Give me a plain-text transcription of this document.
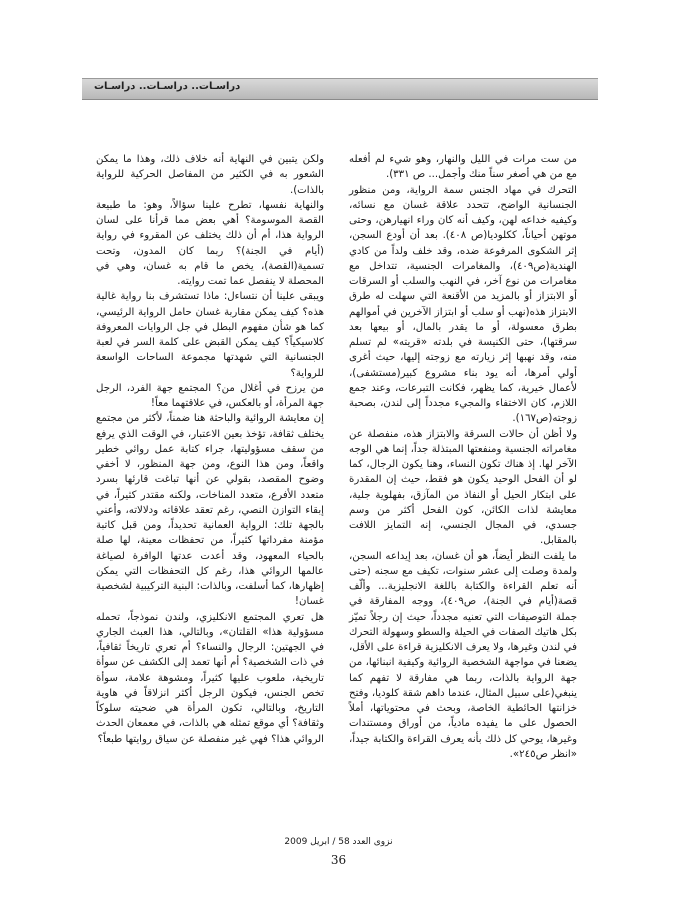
دراسـات.. دراسـات.. دراسـات

من ست مرات في الليل والنهار، وهو شيء لم أفعله مع من هي أصغر سناً منك وأجمل... ص ٣٣١).

التحرك في مهاد الجنس سمة الرواية، ومن منظور الجنسانية الواضح، تتحدد علاقة غسان مع نسائه، وكيفيه خداعه لهن، وكيف أنه كان وراء انهيارهن، وحتى موتهن أحياناً، ككلوديا(ص ٤٠٨). بعد أن أودع السجن، إثر الشكوى المرفوعة ضده، وقد خلف ولداً من كادي الهندية(ص٤٠٩)، والمغامرات الجنسية، تتداخل مع مغامرات من نوع آخر، في النهب والسلب أو السرقات أو الابتزاز أو بالمزيد من الأقنعة التي سهلت له طرق الابتزاز هذه(نهب أو سلب أو ابتزاز الآخرين في أموالهم بطرق معسولة، أو ما يقدر بالمال، أو بيعها بعد سرقتها)، حتى الكنيسة في بلدته «قريته» لم تسلم منه، وقد نهبها إثر زيارته مع زوجته إليها، حيث أغرى أولي أمرها، أنه يود بناء مشروع كبير(مستشفى)، لأعمال خيرية، كما يظهر، فكانت التبرعات، وعند جمع اللازم، كان الاختفاء والمجيء مجدداً إلى لندن، بصحبة زوجته(ص١٦٧).

ولا أظن أن حالات السرقة والابتزاز هذه، منفصلة عن مغامراته الجنسية ومنفعتها المبتذلة جداً، إنما هي الوجه الآخر لها. إذ هناك تكون النساء، وهنا يكون الرجال، كما لو أن الفحل الوحيد يكون هو فقط، حيث إن المقدرة على ابتكار الحيل أو النفاذ من المآزق، بفهلوية جلية، معايشة لذات الكائن، كون الفحل أكثر من وسم جسدي، في المجال الجنسي، إنه التمايز اللافت بالمقابل.

ما يلفت النظر أيضاً، هو أن غسان، بعد إيداعه السجن، ولمدة وصلت إلى عشر سنوات، تكيف مع سجنه (حتى أنه تعلم القراءة والكتابة باللغة الانجليزية... وألّف قصة(أيام في الجنة)، ص٤٠٩)، ووجه المفارقة في جملة التوصيفات التي تعنيه مجدداً، حيث إن رجلاً تميّز بكل هاتيك الصفات في الحيلة والسطو وسهولة التحرك في لندن وغيرها، ولا يعرف الانكليزية قراءة على الأقل، يضعنا في مواجهة الشخصية الروائية وكيفية انبنائها، من جهة الرواية بالذات، ربما هي مفارقة لا تفهم كما ينبغي(على سبيل المثال، عندما داهم شقة كلوديا، وفتح خزانتها الحائطية الخاصة، وبحث في محتوياتها، أملاً الحصول على ما يفيده مادياً، من أوراق ومستندات وغيرها، يوحي كل ذلك بأنه يعرف القراءة والكتابة جيداً، «انظر ص٢٤٥».

ولكن يتبين في النهاية أنه خلاف ذلك، وهذا ما يمكن الشعور به في الكثير من المفاصل الحركية للرواية بالذات).

والنهاية نفسها، تطرح علينا سؤالاً، وهو: ما طبيعة القصة الموسومة؟ أهي بعض مما قرأنا على لسان الرواية هذا، أم أن ذلك يختلف عن المقروء في رواية (أيام في الجنة)؟ ربما كان المدون، وتحت تسمية(القصة)، يخص ما قام به غسان، وهي في المحصلة لا ينفصل عما تمت روايته.

ويبقى علينا أن نتساءل: ماذا تستشرف بنا رواية غالية هذه؟ كيف يمكن مقاربة غسان حامل الرواية الرئيسي، كما هو شأن مفهوم البطل في جل الروايات المعروفة كلاسيكياً؟ كيف يمكن القبض على كلمة السر في لعبة الجنسانية التي شهدتها مجموعة الساحات الواسعة للرواية؟

من يرزح في أغلال من؟ المجتمع جهة الفرد، الرجل جهة المرأة، أو بالعكس، في علاقتهما معاً!

إن معايشة الروائية والباحثة هنا ضمناً، لأكثر من مجتمع يختلف ثقافة، تؤخذ بعين الاعتبار، في الوقت الذي يرفع من سقف مسؤوليتها، جراء كتابة عمل روائي خطير واقعاً، ومن هذا النوع، ومن جهة المنظور، لا أخفي وضوح المقصد، بقولي عن أنها تباغت قارئها بسرد متعدد الأفرع، متعدد المناخات، ولكنه مقتدر كثيراً، في إبقاء التوازن النصي، رغم تعقد علاقاته ودلالاته، وأعني بالجهة تلك: الرواية العمانية تحديداً، ومن قبل كاتبة مؤمنة مفرداتها كثيراً، من تحفظات معينة، لها صلة بالحياء المعهود، وقد أعدت عدتها الوافرة لصياغة عالمها الروائي هذا، رغم كل التحفظات التي يمكن إظهارها، كما أسلفت، وبالذات: البنية التركيبية لشخصية غسان!

هل تعري المجتمع الانكليزي، ولندن نموذجاً، تحمله مسؤولية هذا» القلتان»، وبالتالي، هذا العبث الجاري في الجهتين: الرجال والنساء؟ أم تعري تاريخاً ثقافياً، في ذات الشخصية؟ أم أنها تعمد إلى الكشف عن سوأة تاريخية، ملعوب عليها كثيراً، ومشوهة علامة، سوأة تخص الجنس، فيكون الرجل أكثر انزلاقاً في هاوية التاريخ، وبالتالي، تكون المرأة هي ضحيته سلوكاً وثقافة؟ أي موقع تمثله هي بالذات، في معمعان الحدث الروائي هذا؟ فهي غير منفصلة عن سياق روايتها طبعاً؟

نزوى العدد 58 / ابريل 2009
36
